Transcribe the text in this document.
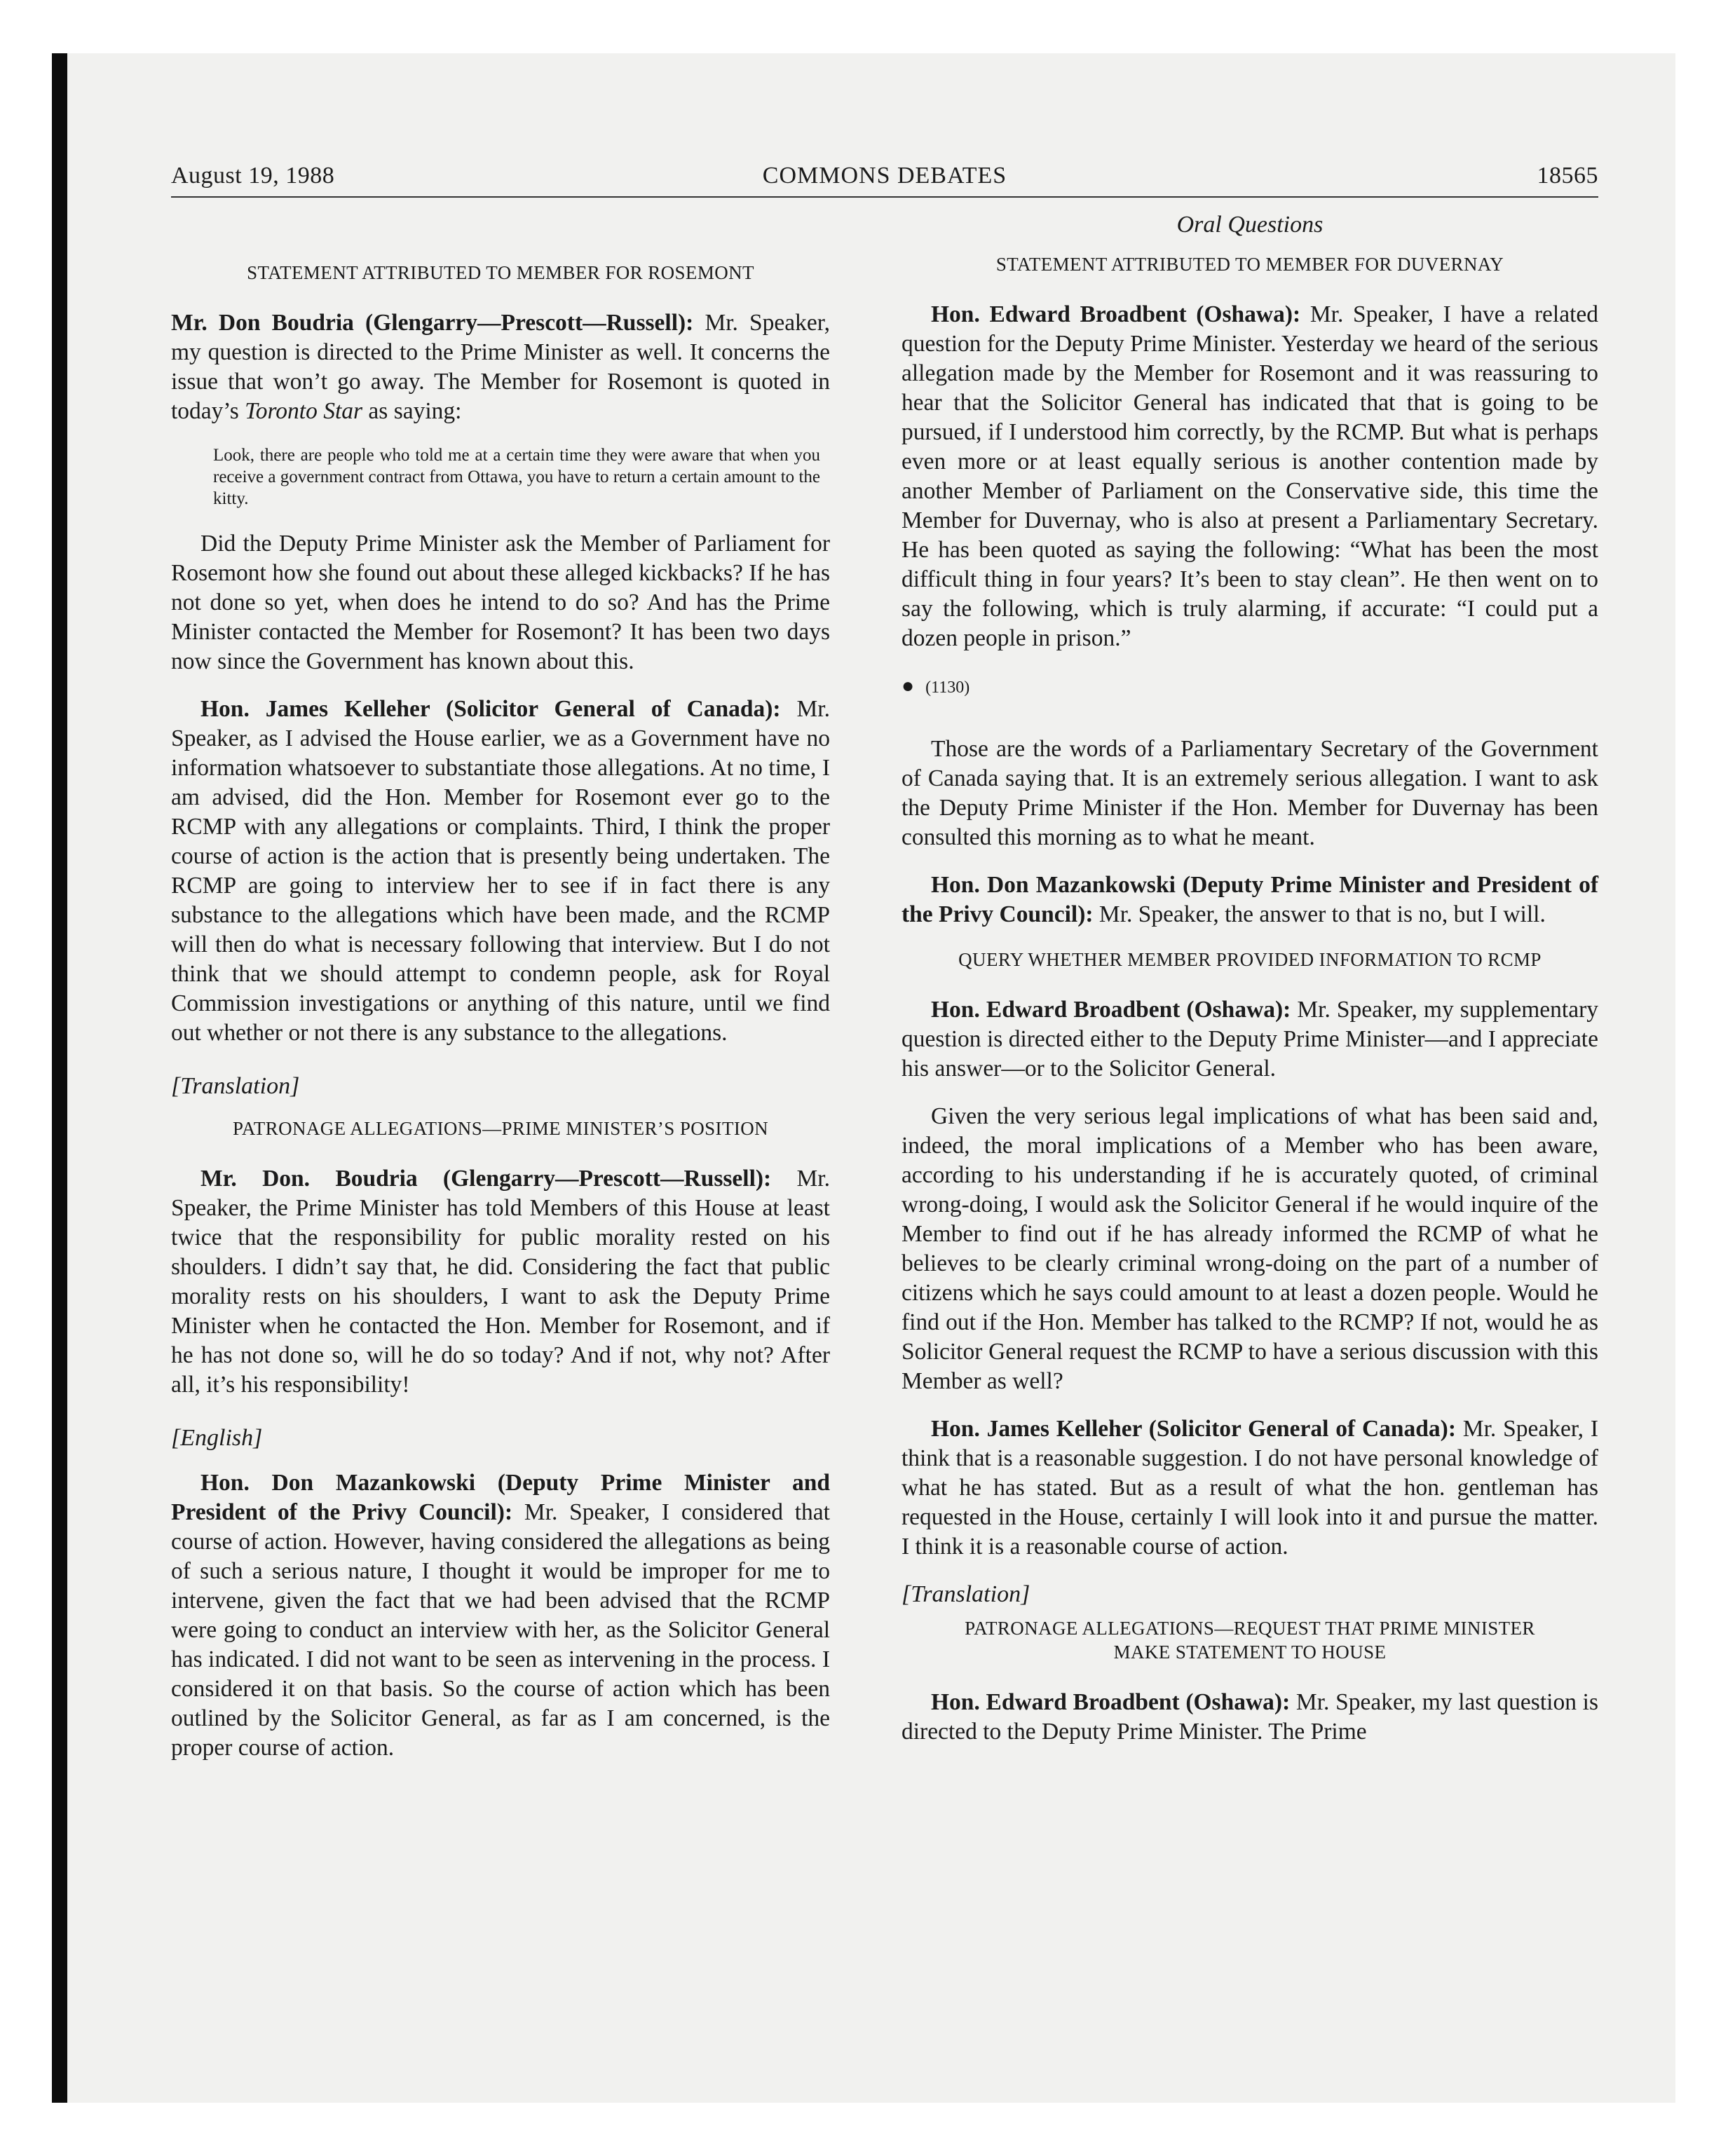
August 19, 1988	COMMONS DEBATES	18565
STATEMENT ATTRIBUTED TO MEMBER FOR ROSEMONT

Mr. Don Boudria (Glengarry—Prescott—Russell): Mr. Speaker, my question is directed to the Prime Minister as well. It concerns the issue that won’t go away. The Member for Rosemont is quoted in today’s Toronto Star as saying:

Look, there are people who told me at a certain time they were aware that when you receive a government contract from Ottawa, you have to return a certain amount to the kitty.

Did the Deputy Prime Minister ask the Member of Parliament for Rosemont how she found out about these alleged kickbacks? If he has not done so yet, when does he intend to do so? And has the Prime Minister contacted the Member for Rosemont? It has been two days now since the Government has known about this.

Hon. James Kelleher (Solicitor General of Canada): Mr. Speaker, as I advised the House earlier, we as a Government have no information whatsoever to substantiate those allegations. At no time, I am advised, did the Hon. Member for Rosemont ever go to the RCMP with any allegations or complaints. Third, I think the proper course of action is the action that is presently being undertaken. The RCMP are going to interview her to see if in fact there is any substance to the allegations which have been made, and the RCMP will then do what is necessary following that interview. But I do not think that we should attempt to condemn people, ask for Royal Commission investigations or anything of this nature, until we find out whether or not there is any substance to the allegations.

[Translation]
PATRONAGE ALLEGATIONS—PRIME MINISTER’S POSITION

Mr. Don. Boudria (Glengarry—Prescott—Russell): Mr. Speaker, the Prime Minister has told Members of this House at least twice that the responsibility for public morality rested on his shoulders. I didn’t say that, he did. Considering the fact that public morality rests on his shoulders, I want to ask the Deputy Prime Minister when he contacted the Hon. Member for Rosemont, and if he has not done so, will he do so today? And if not, why not? After all, it’s his responsibility!

[English]

Hon. Don Mazankowski (Deputy Prime Minister and President of the Privy Council): Mr. Speaker, I considered that course of action. However, having considered the allegations as being of such a serious nature, I thought it would be improper for me to intervene, given the fact that we had been advised that the RCMP were going to conduct an interview with her, as the Solicitor General has indicated. I did not want to be seen as intervening in the process. I considered it on that basis. So the course of action which has been outlined by the Solicitor General, as far as I am concerned, is the proper course of action.

Oral Questions
STATEMENT ATTRIBUTED TO MEMBER FOR DUVERNAY

Hon. Edward Broadbent (Oshawa): Mr. Speaker, I have a related question for the Deputy Prime Minister. Yesterday we heard of the serious allegation made by the Member for Rosemont and it was reassuring to hear that the Solicitor General has indicated that that is going to be pursued, if I understood him correctly, by the RCMP. But what is perhaps even more or at least equally serious is another contention made by another Member of Parliament on the Conservative side, this time the Member for Duvernay, who is also at present a Parliamentary Secretary. He has been quoted as saying the following: “What has been the most difficult thing in four years? It’s been to stay clean”. He then went on to say the following, which is truly alarming, if accurate: “I could put a dozen people in prison.”

● (1130)

Those are the words of a Parliamentary Secretary of the Government of Canada saying that. It is an extremely serious allegation. I want to ask the Deputy Prime Minister if the Hon. Member for Duvernay has been consulted this morning as to what he meant.

Hon. Don Mazankowski (Deputy Prime Minister and President of the Privy Council): Mr. Speaker, the answer to that is no, but I will.

QUERY WHETHER MEMBER PROVIDED INFORMATION TO RCMP

Hon. Edward Broadbent (Oshawa): Mr. Speaker, my supplementary question is directed either to the Deputy Prime Minister—and I appreciate his answer—or to the Solicitor General.

Given the very serious legal implications of what has been said and, indeed, the moral implications of a Member who has been aware, according to his understanding if he is accurately quoted, of criminal wrong-doing, I would ask the Solicitor General if he would inquire of the Member to find out if he has already informed the RCMP of what he believes to be clearly criminal wrong-doing on the part of a number of citizens which he says could amount to at least a dozen people. Would he find out if the Hon. Member has talked to the RCMP? If not, would he as Solicitor General request the RCMP to have a serious discussion with this Member as well?

Hon. James Kelleher (Solicitor General of Canada): Mr. Speaker, I think that is a reasonable suggestion. I do not have personal knowledge of what he has stated. But as a result of what the hon. gentleman has requested in the House, certainly I will look into it and pursue the matter. I think it is a reasonable course of action.

[Translation]
PATRONAGE ALLEGATIONS—REQUEST THAT PRIME MINISTER
MAKE STATEMENT TO HOUSE

Hon. Edward Broadbent (Oshawa): Mr. Speaker, my last question is directed to the Deputy Prime Minister. The Prime
